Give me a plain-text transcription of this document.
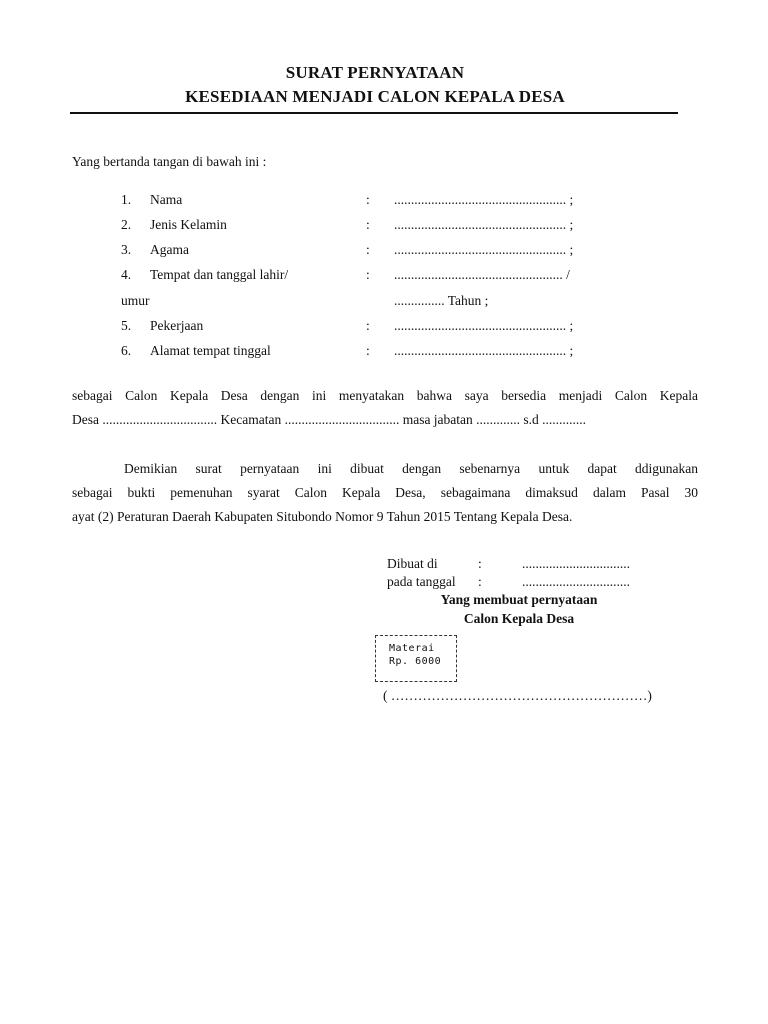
SURAT PERNYATAAN
KESEDIAAN MENJADI CALON KEPALA DESA
Yang bertanda tangan di bawah ini :
1. Nama	: ................................................... ;
2. Jenis Kelamin	: ................................................... ;
3. Agama	: ................................................... ;
4. Tempat dan tanggal lahir/	: .................................................. /
umur	............... Tahun ;
5. Pekerjaan	: ................................................... ;
6. Alamat tempat tinggal	: ................................................... ;
sebagai Calon Kepala Desa dengan ini menyatakan bahwa saya bersedia menjadi Calon Kepala
Desa .................................. Kecamatan .................................. masa jabatan ............. s.d .............
Demikian surat pernyataan ini dibuat dengan sebenarnya untuk dapat ddigunakan
sebagai bukti pemenuhan syarat Calon Kepala Desa, sebagaimana dimaksud dalam Pasal 30
ayat (2) Peraturan Daerah Kabupaten Situbondo Nomor 9 Tahun 2015 Tentang Kepala Desa.
Dibuat di	:	................................
pada tanggal :	................................
Yang membuat pernyataan
Calon Kepala Desa
Materai
Rp. 6000
( …………………………………………………)
